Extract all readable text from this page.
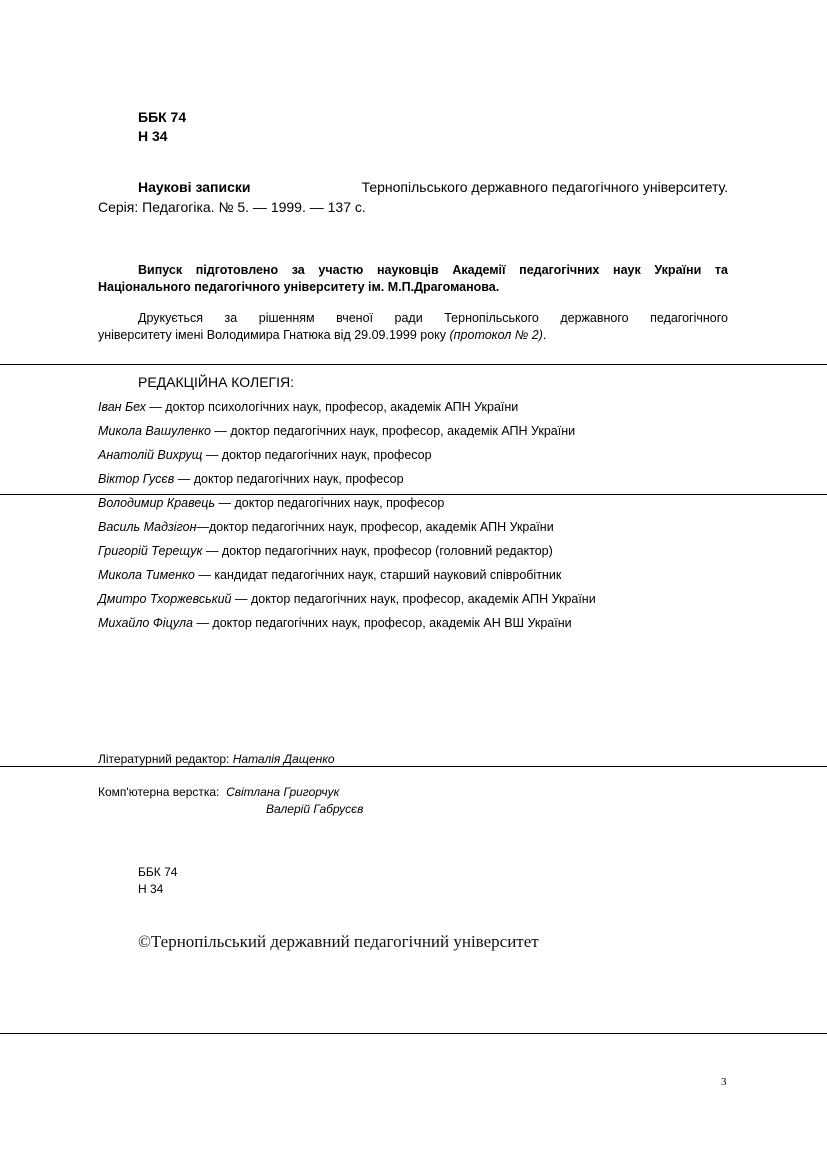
ББК 74
Н 34
Наукові записки	Тернопільського державного педагогічного університету.
Серія: Педагогіка. № 5. — 1999. — 137 с.
Випуск підготовлено за участю науковців Академії педагогічних наук України та
Національного педагогічного університету ім. М.П.Драгоманова.
Друкується за рішенням вченої ради Тернопільського державного педагогічного
університету імені Володимира Гнатюка від 29.09.1999 року (протокол № 2).
РЕДАКЦІЙНА КОЛЕГІЯ:
Іван Бех — доктор психологічних наук, професор, академік АПН України
Микола Вашуленко — доктор педагогічних наук, професор, академік АПН України
Анатолій Вихрущ — доктор педагогічних наук, професор
Віктор Гусєв — доктор педагогічних наук, професор
Володимир Кравець — доктор педагогічних наук, професор
Василь Мадзігон—доктор педагогічних наук, професор, академік АПН України
Григорій Терещук — доктор педагогічних наук, професор (головний редактор)
Микола Тименко — кандидат педагогічних наук, старший науковий співробітник
Дмитро Тхоржевський — доктор педагогічних наук, професор, академік АПН України
Михайло Фіцула — доктор педагогічних наук, професор, академік АН ВШ України
Літературний редактор: Наталія Дащенко
Комп'ютерна верстка: Світлана Григорчук
Валерій Габрусєв
ББК 74
Н 34
©Тернопільський державний педагогічний університет
3
